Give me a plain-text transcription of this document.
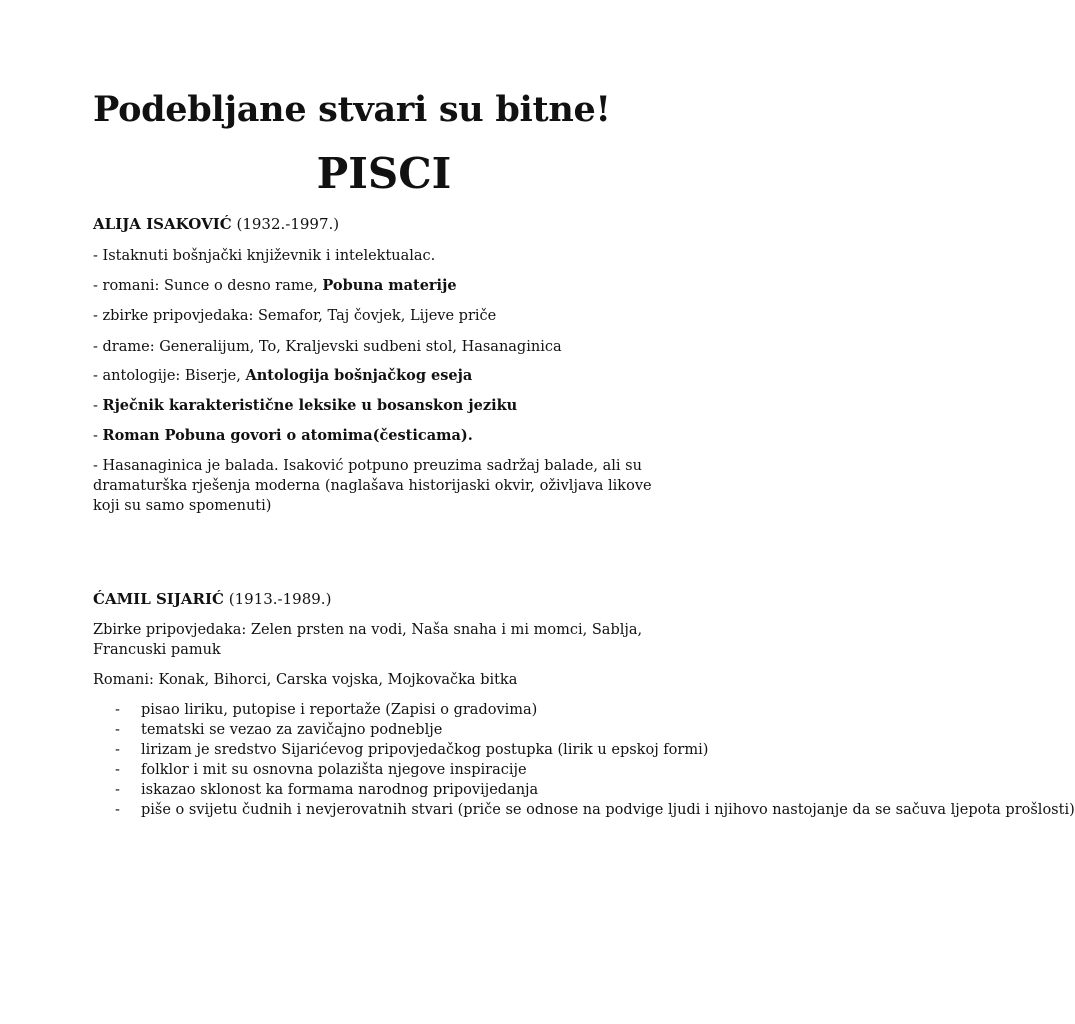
Podebljane stvari su bitne!
PISCI
ALIJA ISAKOVIĆ (1932.-1997.)
- Istaknuti bošnjački književnik i intelektualac.
- romani: Sunce o desno rame, Pobuna materije
- zbirke pripovjedaka: Semafor, Taj čovjek, Lijeve priče
- drame: Generalijum, To, Kraljevski sudbeni stol, Hasanaginica
- antologije: Biserje, Antologija bošnjačkog eseja
- Rječnik karakteristične leksike u bosanskon jeziku
- Roman Pobuna govori o atomima(česticama).
- Hasanaginica je balada. Isaković potpuno preuzima sadržaj balade, ali su dramaturška rješenja moderna (naglašava historijaski okvir, oživljava likove koji su samo spomenuti)
ĆAMIL SIJARIĆ (1913.-1989.)
Zbirke pripovjedaka: Zelen prsten na vodi, Naša snaha i mi momci, Sablja, Francuski pamuk
Romani: Konak, Bihorci, Carska vojska, Mojkovačka bitka
- pisao liriku, putopise i reportaže (Zapisi o gradovima)
- tematski se vezao za zavičajno podneblje
- lirizam je sredstvo Sijarićevog pripovjedačkog postupka (lirik u epskoj formi)
- folklor i mit su osnovna polazišta njegove inspiracije
- iskazao sklonost ka formama narodnog pripovijedanja
- piše o svijetu čudnih i nevjerovatnih stvari (priče se odnose na podvige ljudi i njihovo nastojanje da se sačuva ljepota prošlosti)
